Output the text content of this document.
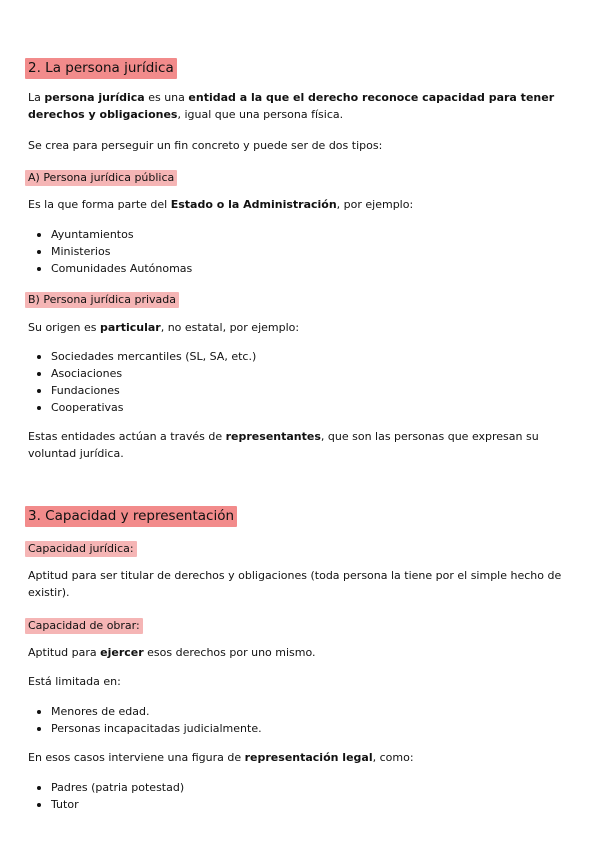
2. La persona jurídica

La persona jurídica es una entidad a la que el derecho reconoce capacidad para tener derechos y obligaciones, igual que una persona física.

Se crea para perseguir un fin concreto y puede ser de dos tipos:

A) Persona jurídica pública

Es la que forma parte del Estado o la Administración, por ejemplo:

Ayuntamientos
Ministerios
Comunidades Autónomas
B) Persona jurídica privada

Su origen es particular, no estatal, por ejemplo:

Sociedades mercantiles (SL, SA, etc.)
Asociaciones
Fundaciones
Cooperativas

Estas entidades actúan a través de representantes, que son las personas que expresan su voluntad jurídica.

3. Capacidad y representación
Capacidad jurídica:

Aptitud para ser titular de derechos y obligaciones (toda persona la tiene por el simple hecho de existir).

Capacidad de obrar:

Aptitud para ejercer esos derechos por uno mismo.

Está limitada en:

Menores de edad.
Personas incapacitadas judicialmente.

En esos casos interviene una figura de representación legal, como:

Padres (patria potestad)
Tutor
